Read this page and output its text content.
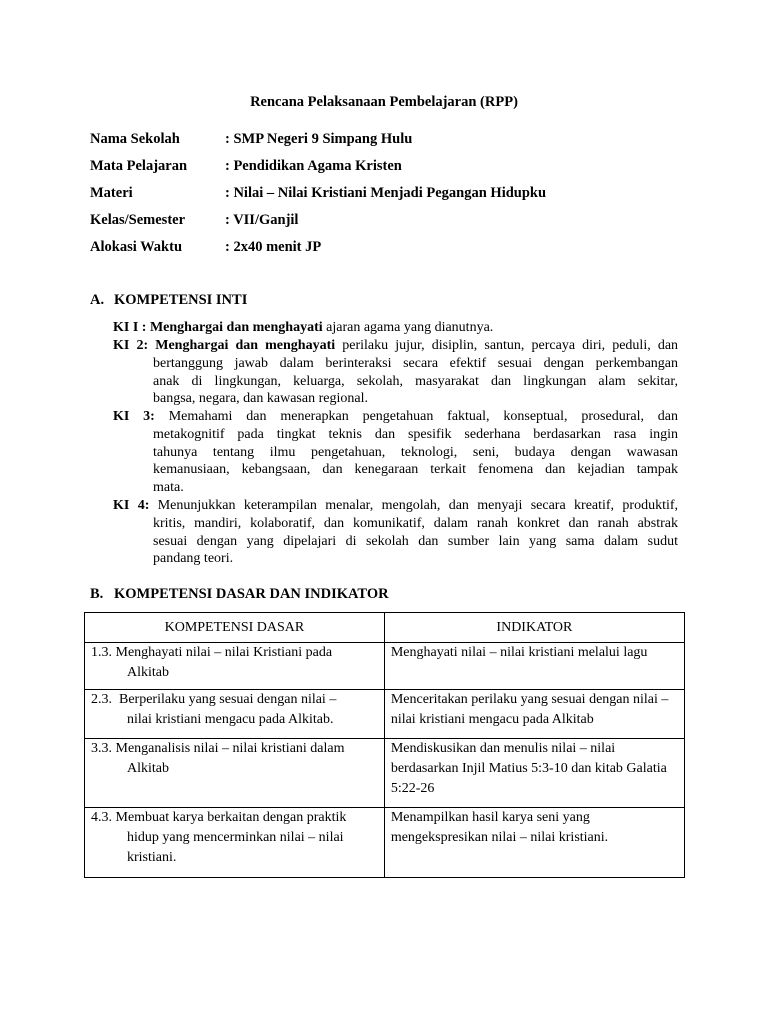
Rencana Pelaksanaan Pembelajaran (RPP)
Nama Sekolah	: SMP Negeri 9 Simpang Hulu
Mata Pelajaran	: Pendidikan Agama Kristen
Materi	: Nilai – Nilai Kristiani Menjadi Pegangan Hidupku
Kelas/Semester	: VII/Ganjil
Alokasi Waktu	: 2x40 menit JP
A. KOMPETENSI INTI
KI I : Menghargai dan menghayati ajaran agama yang dianutnya.
KI 2: Menghargai dan menghayati perilaku jujur, disiplin, santun, percaya diri, peduli, dan
bertanggung jawab dalam berinteraksi secara efektif sesuai dengan perkembangan
anak di lingkungan, keluarga, sekolah, masyarakat dan lingkungan alam sekitar,
bangsa, negara, dan kawasan regional.
KI 3: Memahami dan menerapkan pengetahuan faktual, konseptual, prosedural, dan
metakognitif pada tingkat teknis dan spesifik sederhana berdasarkan rasa ingin
tahunya tentang ilmu pengetahuan, teknologi, seni, budaya dengan wawasan
kemanusiaan, kebangsaan, dan kenegaraan terkait fenomena dan kejadian tampak
mata.
KI 4: Menunjukkan keterampilan menalar, mengolah, dan menyaji secara kreatif, produktif,
kritis, mandiri, kolaboratif, dan komunikatif, dalam ranah konkret dan ranah abstrak
sesuai dengan yang dipelajari di sekolah dan sumber lain yang sama dalam sudut
pandang teori.
B. KOMPETENSI DASAR DAN INDIKATOR
KOMPETENSI DASAR	INDIKATOR

1.3. Menghayati nilai – nilai Kristiani pada
Alkitab	Menghayati nilai – nilai kristiani melalui lagu

2.3.  Berperilaku yang sesuai dengan nilai –
nilai kristiani mengacu pada Alkitab.	Menceritakan perilaku yang sesuai dengan nilai – nilai kristiani mengacu pada Alkitab

3.3. Menganalisis nilai – nilai kristiani dalam
Alkitab	Mendiskusikan dan menulis nilai – nilai berdasarkan Injil Matius 5:3-10 dan kitab Galatia 5:22-26

4.3. Membuat karya berkaitan dengan praktik
hidup yang mencerminkan nilai – nilai kristiani.	Menampilkan hasil karya seni yang mengekspresikan nilai – nilai kristiani.
